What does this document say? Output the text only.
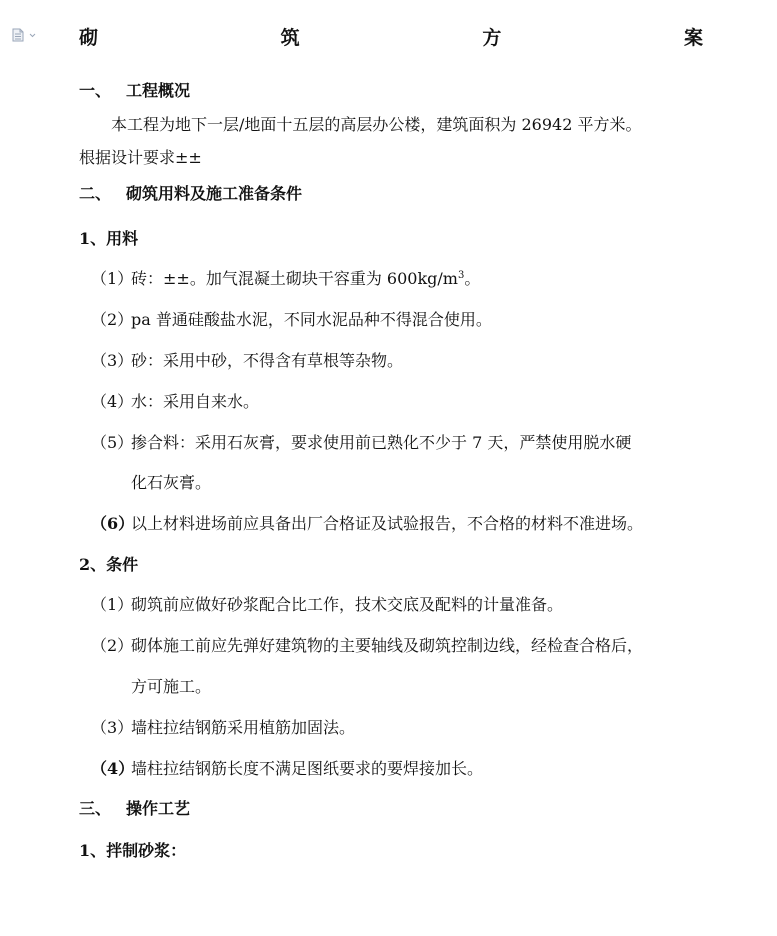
砌	筑	方	案
一、 工程概况
本工程为地下一层/地面十五层的高层办公楼，建筑面积为 26942 平方米。
根据设计要求±±
二、 砌筑用料及施工准备条件
1、用料
（1）砖：±±。加气混凝土砌块干容重为 $600kg/m^3$。
（2）pa 普通硅酸盐水泥，不同水泥品种不得混合使用。
（3）砂：采用中砂，不得含有草根等杂物。
（4）水：采用自来水。
（5）掺合料：采用石灰膏，要求使用前已熟化不少于 7 天，严禁使用脱水硬
化石灰膏。
（6）以上材料进场前应具备出厂合格证及试验报告，不合格的材料不准进场。
2、条件
（1）砌筑前应做好砂浆配合比工作，技术交底及配料的计量准备。
（2）砌体施工前应先弹好建筑物的主要轴线及砌筑控制边线，经检查合格后，
方可施工。
（3）墙柱拉结钢筋采用植筋加固法。
（4）墙柱拉结钢筋长度不满足图纸要求的要焊接加长。
三、 操作工艺
1、拌制砂浆：
